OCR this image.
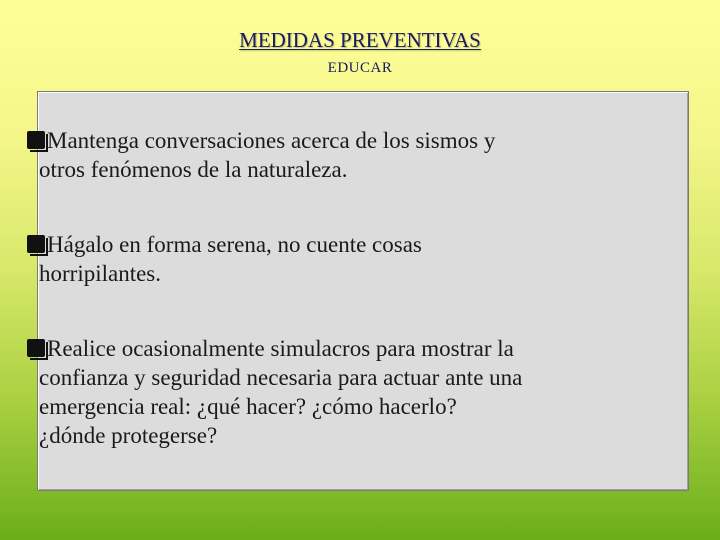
MEDIDAS PREVENTIVAS
EDUCAR
Mantenga conversaciones acerca de los sismos y
otros fenómenos de la naturaleza.
Hágalo en forma serena, no cuente cosas
horripilantes.
Realice ocasionalmente simulacros para mostrar la
confianza y seguridad necesaria para actuar ante una
emergencia real: ¿qué hacer? ¿cómo hacerlo?
¿dónde protegerse?
